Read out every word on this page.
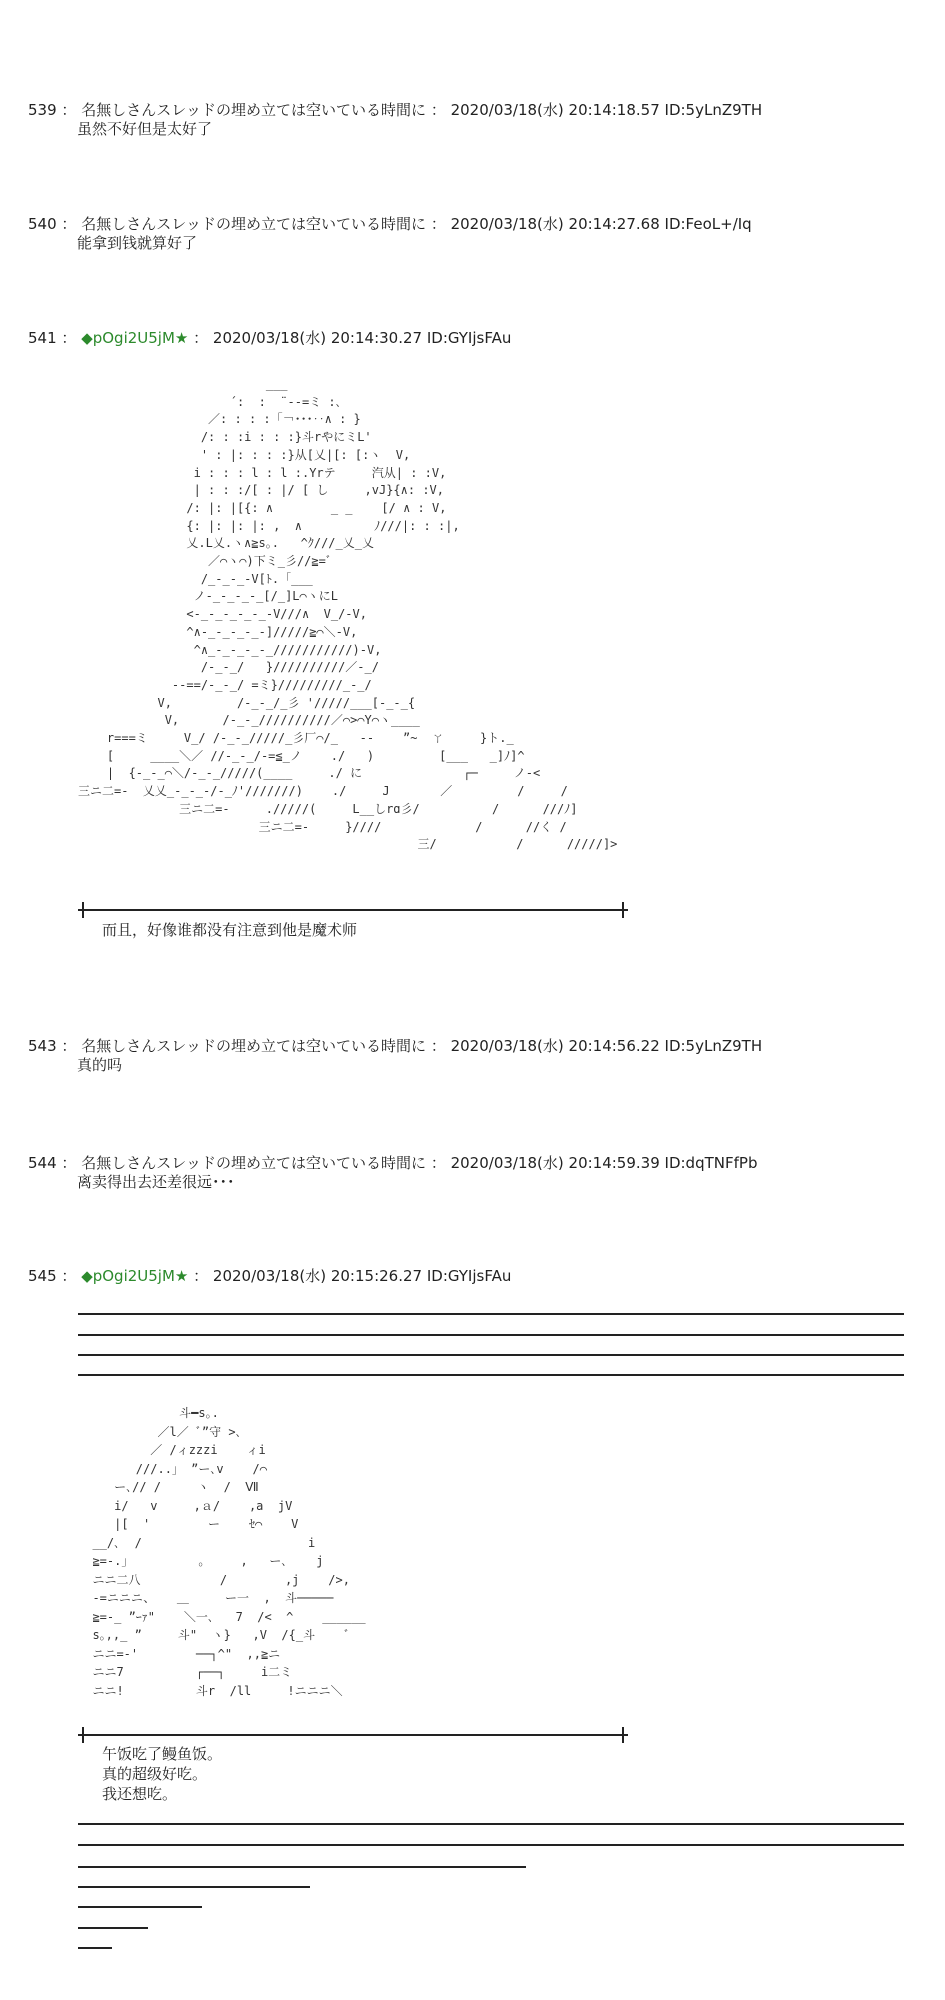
539 ： 名無しさんスレッドの埋め立ては空いている時間に ： 2020/03/18(水) 20:14:18.57 ID:5yLnZ9TH
虽然不好但是太好了
540 ： 名無しさんスレッドの埋め立ては空いている時間に ： 2020/03/18(水) 20:14:27.68 ID:FeoL+/Iq
能拿到钱就算好了
541 ： ◆pOgi2U5jM★ ： 2020/03/18(水) 20:14:30.27 ID:GYIjsFAu
___
´:  :  ¨--=ミ :､
／: : : :「￢･･･‥∧ : }
/: : :i : : :}斗rやにミL'
' : |: : : :}从[乂|[: [:ヽ  V,
i : : : l : l :.Yrテ     汽从| : :V,
| : : :/[ : |/ [ し     ,vJ}{∧: :V,
/: |: |[{: ∧        _ _    [/ ∧ : V,
{: |: |: |: ,  ∧          ﾉ///|: : :|,
乂.L乂.ヽ∧≧s｡.   ^ｸ///_乂_乂
／⌒ヽ⌒)下ミ_彡//≧=ﾞ
/_-_-_-V[ﾄ.「___
ノ-_-_-_-_[/_]L⌒ヽにL
<-_-_-_-_-_-V///∧  V_/-V,
^∧-_-_-_-_-]/////≧⌒＼-V,
^∧_-_-_-_-_///////////)-V,
/-_-_/   }//////////／-_/
--==/-_-_/ =ミ}/////////_-_/
V,         /-_-_/_彡 '/////___[-_-_{
V,      /-_-_//////////／⌒>⌒Y⌒ヽ____
r===ミ     V_/ /-_-_/////_彡厂⌒/_   -‐    ”~  ㄚ     }ト._
[     ____＼／ //-_-_/-=≦_ノ    ./   )         [___   _]ﾉ]^
|  {-_-_⌒＼/-_-_/////(____     ./ に              ┌─     ノ-<
三ニ二=-  乂乂_-_-_-/-_ﾉ'///////)    ./     J       ／         /     /
三ニ二=-     ./////(     L__しrɑ彡/          /      ///ﾉ]
三ニ二=-     }////             /      //く /
三/           /      /////]>
而且，好像谁都没有注意到他是魔术师
543 ： 名無しさんスレッドの埋め立ては空いている時間に ： 2020/03/18(水) 20:14:56.22 ID:5yLnZ9TH
真的吗
544 ： 名無しさんスレッドの埋め立ては空いている時間に ： 2020/03/18(水) 20:14:59.39 ID:dqTNFfPb
离卖得出去还差很远･･･
545 ： ◆pOgi2U5jM★ ： 2020/03/18(水) 20:15:26.27 ID:GYIjsFAu
斗━s｡.
／l／ ﾞ”守 >､
／ /ィzzzi    ィi
///..」 ”ー､v    /⌒
ー､// /     ヽ  /  Ⅶ
i/   v     ,ａ/    ,a  jV
|[  '        ー    ｾ⌒    V
__/､  /                       i
≧=-.」         ｡     ,   ー､    j
ニニ二八           /        ,j    />,
-=ニニニ、   ＿     ー一  ,  斗─────
≧=-_ ”ｰｧ"    ＼一､   7  /<  ^    ______
s｡,,_ ”     斗"  ヽ}   ,V  /{_斗    ﾞ
ニニ=-'        ──┐^"  ,,≧ニ
ニニ7          ┌──┐     i二ミ
ニニ!          斗r  /ll     !ニニニ＼
午饭吃了鳗鱼饭。
真的超级好吃。
我还想吃。
